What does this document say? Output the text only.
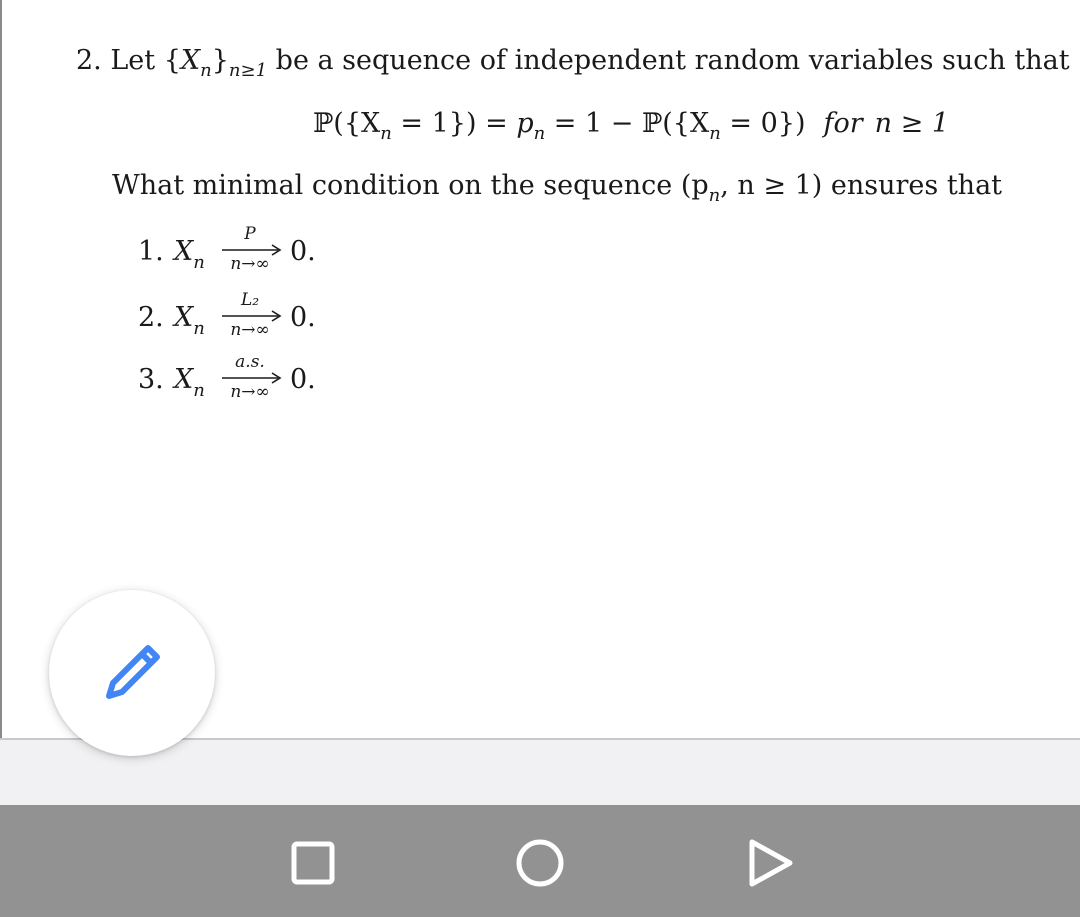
2. Let $\{X_n\}_{n\ge 1}$ be a sequence of independent random variables such that
$ℙ(\{X_n = 1\}) = p_n = 1$ − $ℙ(\{X_n = 0\})$ for n ≥ 1
What minimal condition on the sequence ($p_n$, n ≥ 1) ensures that
1. $X_n$
P
n→∞ 0.
2. $X_n$
L₂
n→∞ 0.
3. $X_n$
a.s.
n→∞ 0.
